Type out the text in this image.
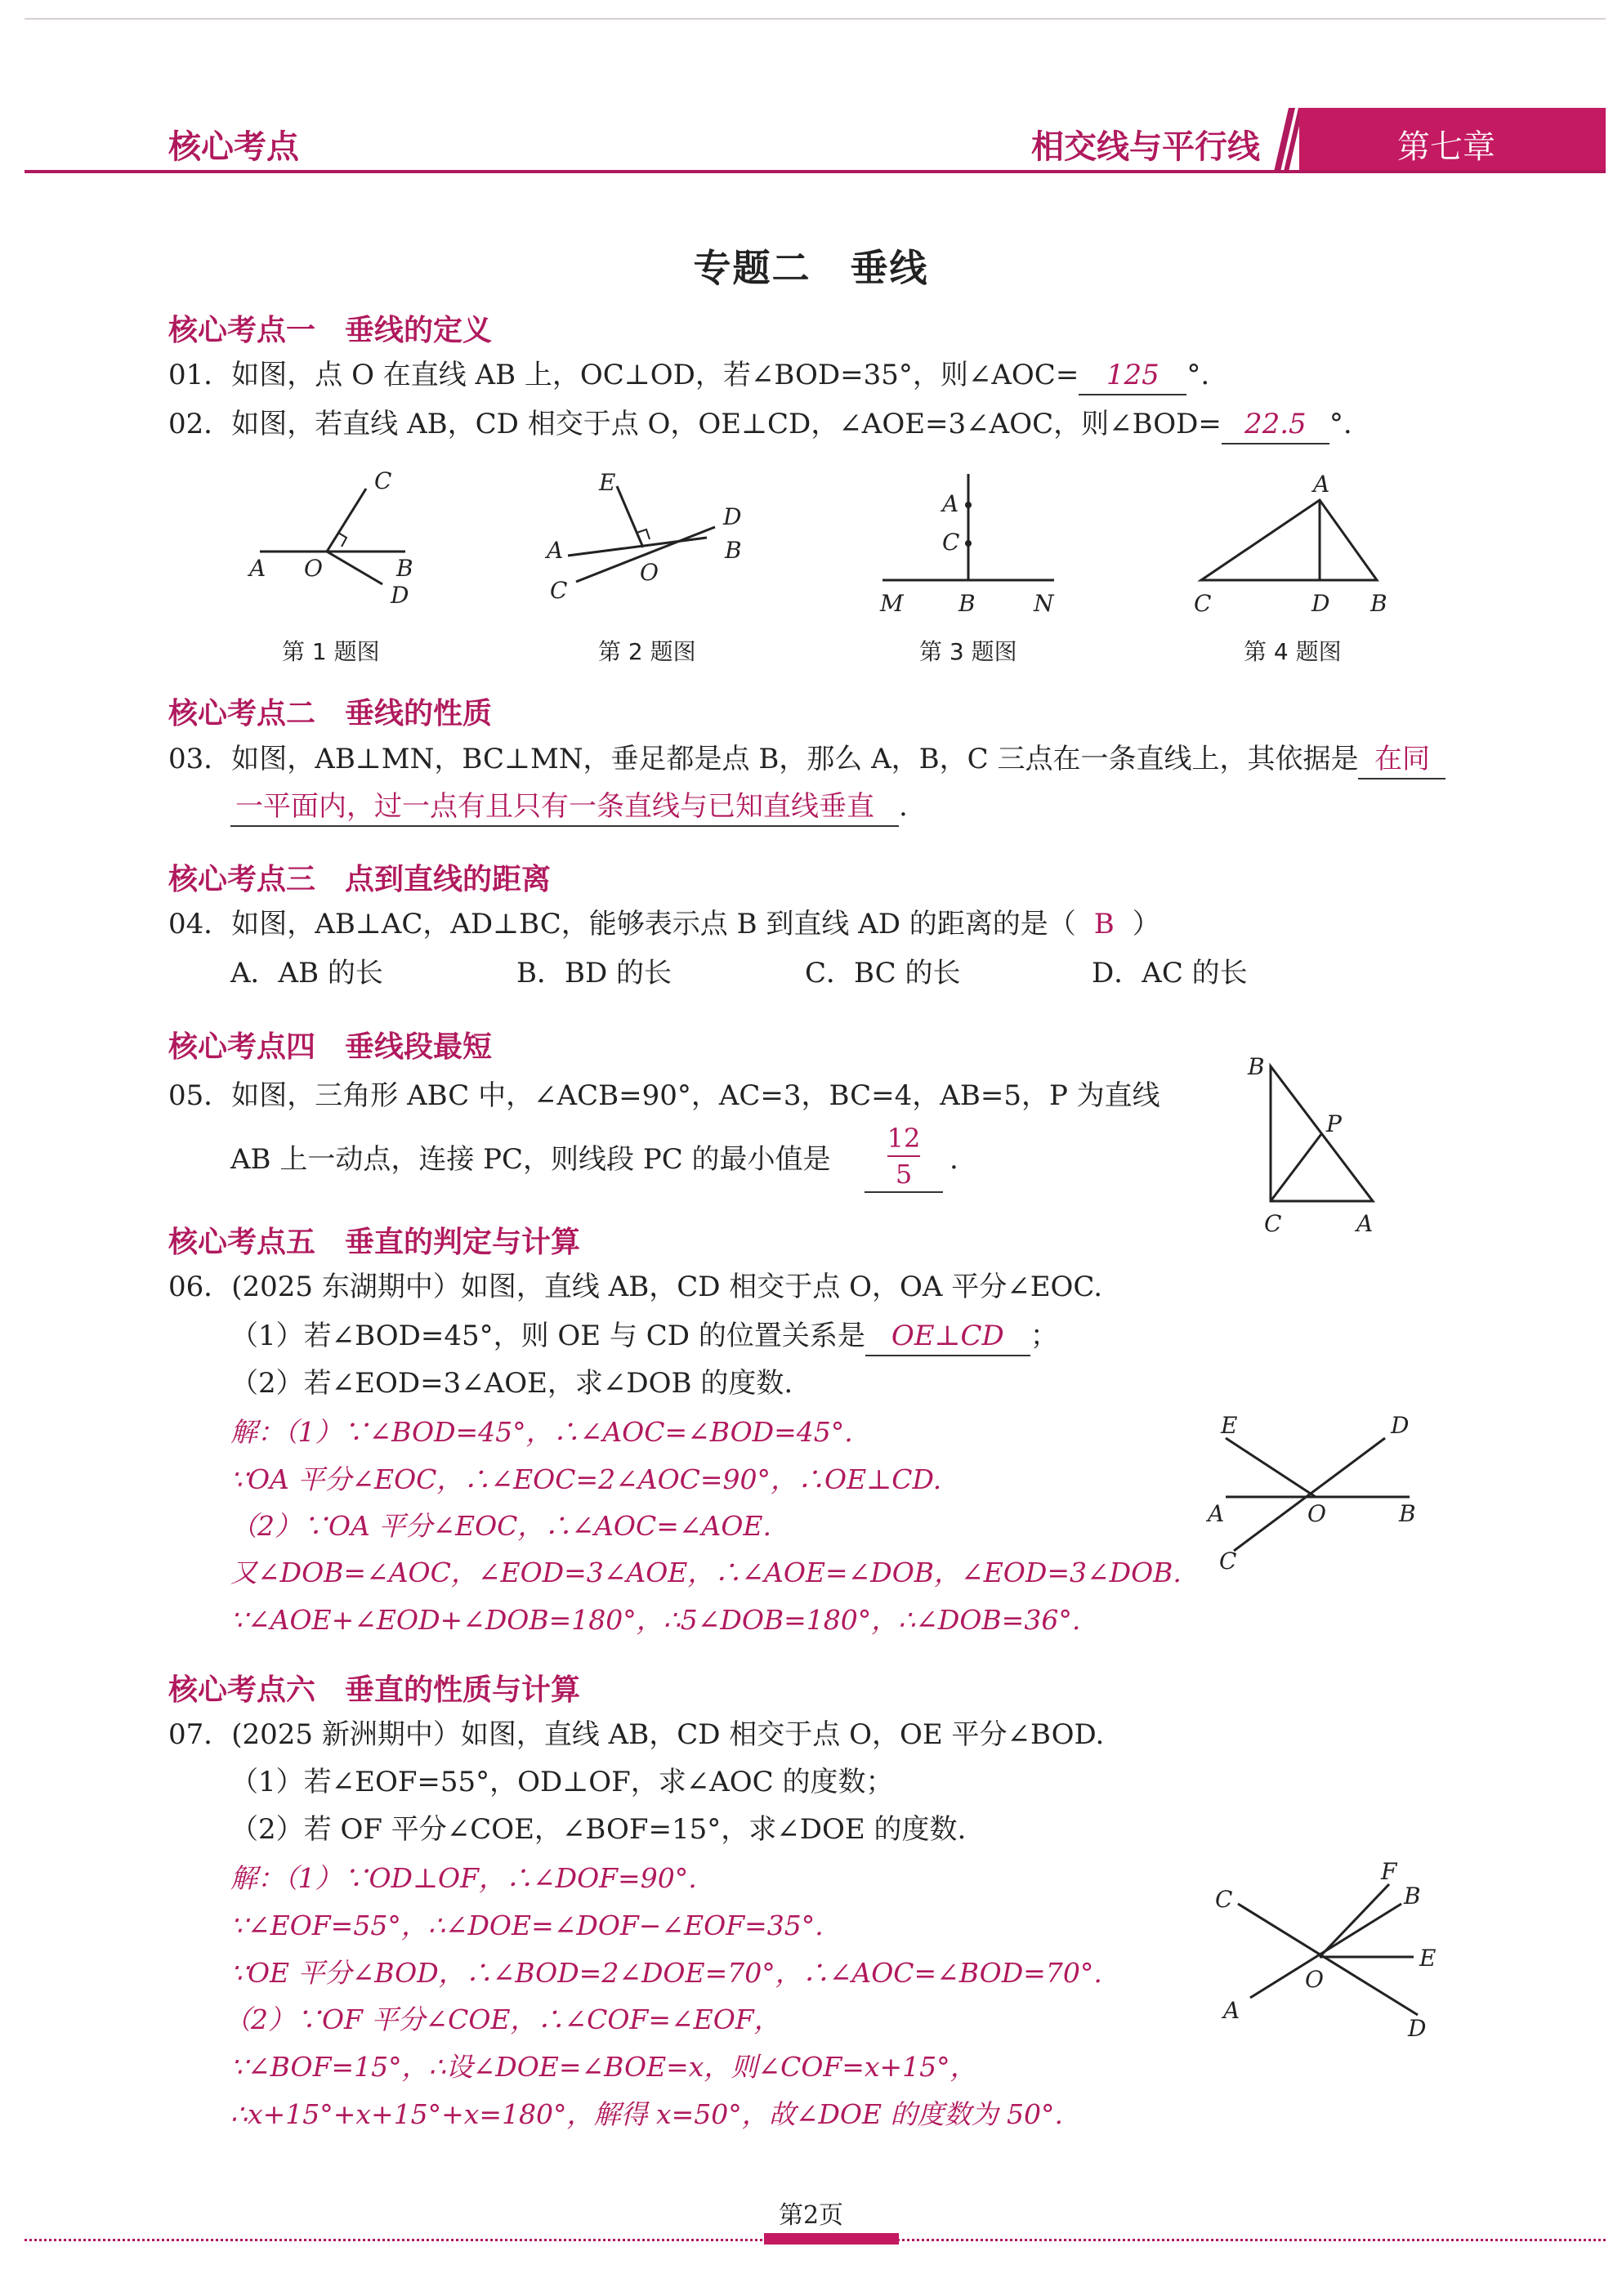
核心考点	相交线与平行线	第七章
专题二　垂线
核心考点一　垂线的定义
01．如图，点 O 在直线 AB 上，OC⊥OD，若∠BOD=35°，则∠AOC= 125 °.
02．如图，若直线 AB，CD 相交于点 O，OE⊥CD，∠AOE=3∠AOC，则∠BOD= 22.5 °.
C
A O	B
D
E
D
A	B
O
C
A
C
M B	N
A
C	D B
第 1 题图	第 2 题图	第 3 题图	第 4 题图
核心考点二　垂线的性质
03．如图，AB⊥MN，BC⊥MN，垂足都是点 B，那么 A，B，C 三点在一条直线上，其依据是 在同
一平面内，过一点有且只有一条直线与已知直线垂直 .
核心考点三　点到直线的距离
04．如图，AB⊥AC，AD⊥BC，能够表示点 B 到直线 AD 的距离的是（ B ）
A．AB 的长	B．BD 的长	C．BC 的长	D．AC 的长
核心考点四　垂线段最短
05．如图，三角形 ABC 中，∠ACB=90°，AC=3，BC=4，AB=5，P 为直线
AB 上一动点，连接 PC，则线段 PC 的最小值是 $\frac{12}{5}$ .
B
P
C	A
核心考点五　垂直的判定与计算
06．(2025 东湖期中）如图，直线 AB，CD 相交于点 O，OA 平分∠EOC.
（1）若∠BOD=45°，则 OE 与 CD 的位置关系是 OE⊥CD ；
（2）若∠EOD=3∠AOE，求∠DOB 的度数.
解：（1）∵∠BOD=45°，∴∠AOC=∠BOD=45°.
∵OA 平分∠EOC，∴∠EOC=2∠AOC=90°，∴OE⊥CD.
（2）∵OA 平分∠EOC，∴∠AOC=∠AOE.
又∠DOB=∠AOC，∠EOD=3∠AOE，∴∠AOE=∠DOB，∠EOD=3∠DOB.
∵∠AOE+∠EOD+∠DOB=180°，∴5∠DOB=180°，∴∠DOB=36°.
E	D
A	O	B
C
核心考点六　垂直的性质与计算
07．(2025 新洲期中）如图，直线 AB，CD 相交于点 O，OE 平分∠BOD.
（1）若∠EOF=55°，OD⊥OF，求∠AOC 的度数；
（2）若 OF 平分∠COE，∠BOF=15°，求∠DOE 的度数.
解：（1）∵OD⊥OF，∴∠DOF=90°.
∵∠EOF=55°，∴∠DOE=∠DOF−∠EOF=35°.
∵OE 平分∠BOD，∴∠BOD=2∠DOE=70°，∴∠AOC=∠BOD=70°.
（2）∵OF 平分∠COE，∴∠COF=∠EOF，
∵∠BOF=15°，∴设∠DOE=∠BOE=x，则∠COF=x+15°，
∴x+15°+x+15°+x=180°，解得 x=50°，故∠DOE 的度数为 50°.
F
C	B
E
O
A
D
第2页
